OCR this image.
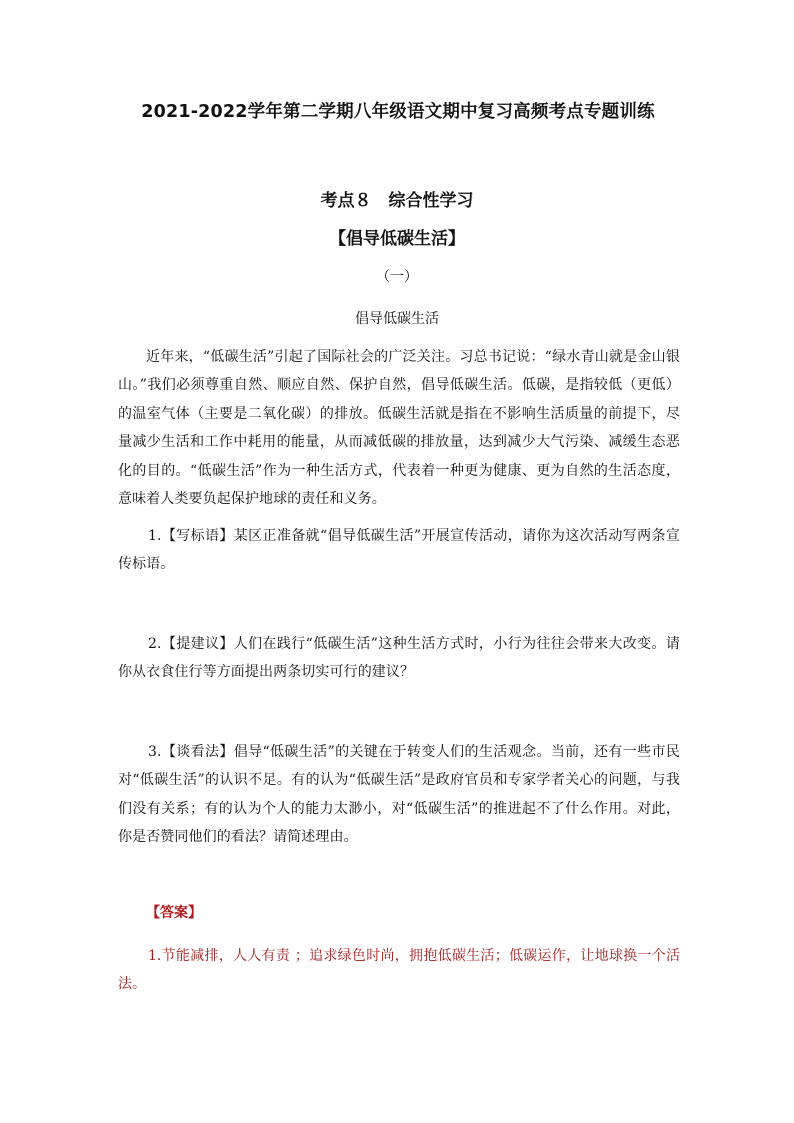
2021-2022学年第二学期八年级语文期中复习高频考点专题训练
考点８　综合性学习
【倡导低碳生活】
（一）
倡导低碳生活

近年来，“低碳生活”引起了国际社会的广泛关注。习总书记说：“绿水青山就是金山银山。”我们必须尊重自然、顺应自然、保护自然，倡导低碳生活。低碳，是指较低（更低）的温室气体（主要是二氧化碳）的排放。低碳生活就是指在不影响生活质量的前提下，尽量减少生活和工作中耗用的能量，从而减低碳的排放量，达到减少大气污染、减缓生态恶化的目的。“低碳生活”作为一种生活方式，代表着一种更为健康、更为自然的生活态度，意味着人类要负起保护地球的责任和义务。

1.【写标语】某区正准备就“倡导低碳生活”开展宣传活动，请你为这次活动写两条宣传标语。

2.【提建议】人们在践行“低碳生活”这种生活方式时，小行为往往会带来大改变。请你从衣食住行等方面提出两条切实可行的建议？

3.【谈看法】倡导“低碳生活”的关键在于转变人们的生活观念。当前，还有一些市民对“低碳生活”的认识不足。有的认为“低碳生活”是政府官员和专家学者关心的问题，与我们没有关系；有的认为个人的能力太渺小，对“低碳生活”的推进起不了什么作用。对此，你是否赞同他们的看法？请简述理由。

【答案】

1.节能减排，人人有责 ；追求绿色时尚，拥抱低碳生活；低碳运作，让地球换一个活法。
